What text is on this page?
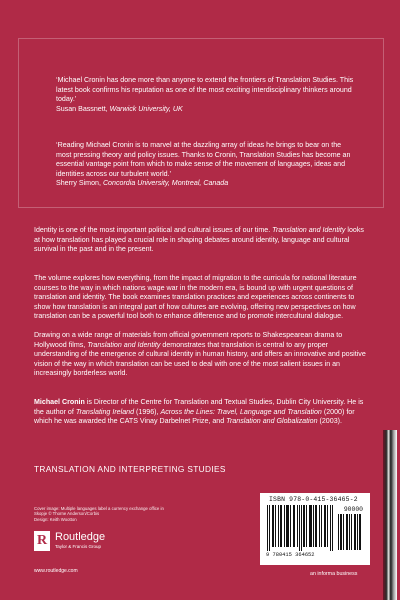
‘Michael Cronin has done more than anyone to extend the frontiers of Translation Studies. This latest book confirms his reputation as one of the most exciting interdisciplinary thinkers around today.’

Susan Bassnett, Warwick University, UK

‘Reading Michael Cronin is to marvel at the dazzling array of ideas he brings to bear on the most pressing theory and policy issues. Thanks to Cronin, Translation Studies has become an essential vantage point from which to make sense of the movement of languages, ideas and identities across our turbulent world.’

Sherry Simon, Concordia University, Montreal, Canada

Identity is one of the most important political and cultural issues of our time. Translation and Identity looks at how translation has played a crucial role in shaping debates around identity, language and cultural survival in the past and in the present.

The volume explores how everything, from the impact of migration to the curricula for national literature courses to the way in which nations wage war in the modern era, is bound up with urgent questions of translation and identity. The book examines translation practices and experiences across continents to show how translation is an integral part of how cultures are evolving, offering new perspectives on how translation can be a powerful tool both to enhance difference and to promote intercultural dialogue.

Drawing on a wide range of materials from official government reports to Shakespearean drama to Hollywood films, Translation and Identity demonstrates that translation is central to any proper understanding of the emergence of cultural identity in human history, and offers an innovative and positive vision of the way in which translation can be used to deal with one of the most salient issues in an increasingly borderless world.

Michael Cronin is Director of the Centre for Translation and Textual Studies, Dublin City University. He is the author of Translating Ireland (1996), Across the Lines: Travel, Language and Translation (2000) for which he was awarded the CATS Vinay Darbelnet Prize, and Translation and Globalization (2003).

TRANSLATION AND INTERPRETING STUDIES

Cover image: Multiple languages label a currency exchange office in Skopje © Thorne Anderson/Corbis

Design: Keith Wootton

R Routledge
Taylor & Francis Group
www.routledge.com
ISBN 978-0-415-36465-2
90000
9 780415 364652
an informa business
